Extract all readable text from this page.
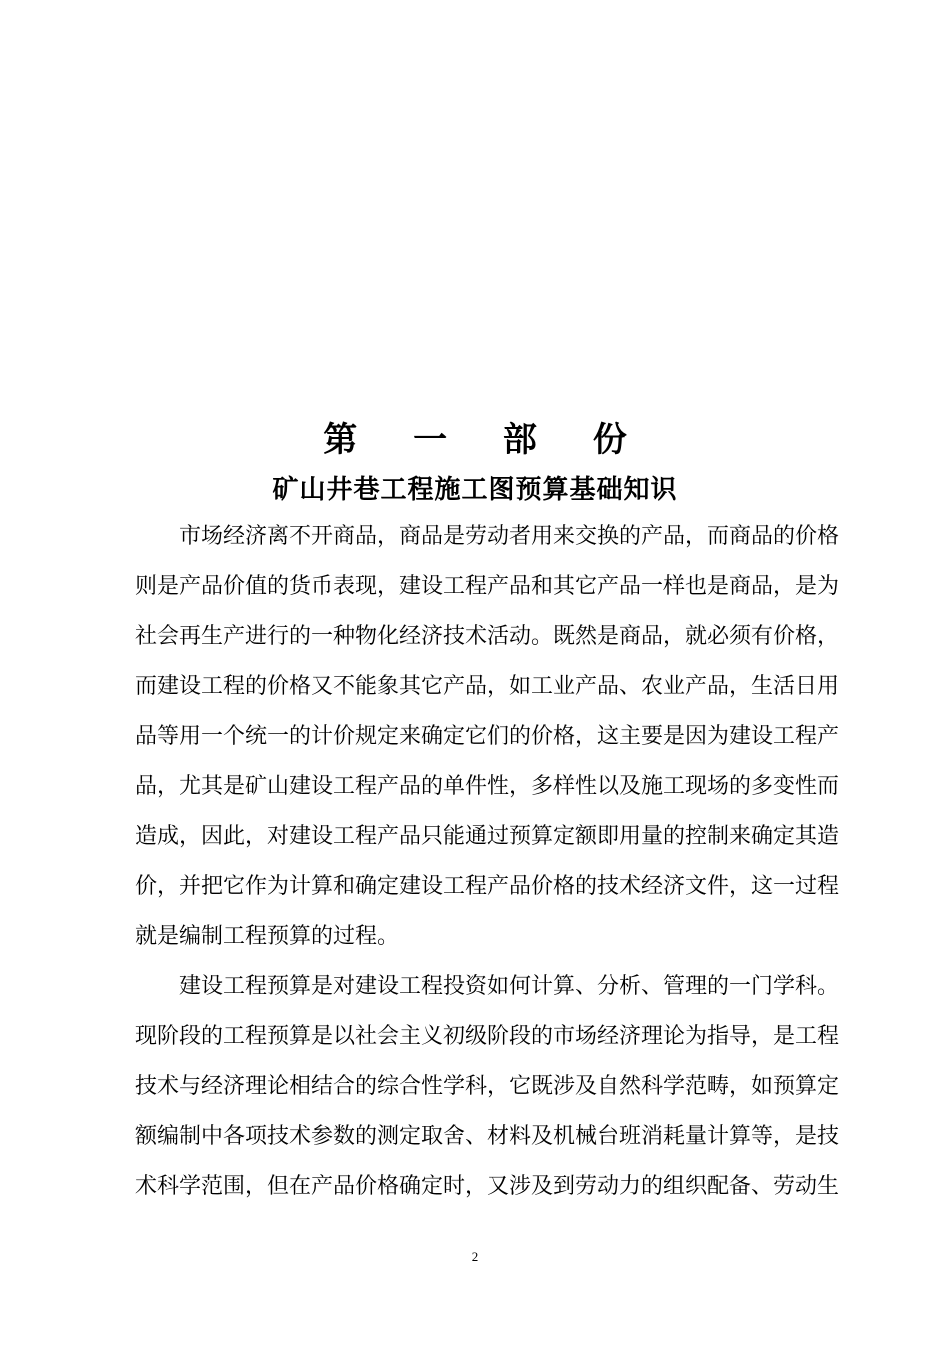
第 一 部 份
矿山井巷工程施工图预算基础知识
市场经济离不开商品，商品是劳动者用来交换的产品，而商品的价格
则是产品价值的货币表现，建设工程产品和其它产品一样也是商品，是为
社会再生产进行的一种物化经济技术活动。既然是商品，就必须有价格，
而建设工程的价格又不能象其它产品，如工业产品、农业产品，生活日用
品等用一个统一的计价规定来确定它们的价格，这主要是因为建设工程产
品，尤其是矿山建设工程产品的单件性，多样性以及施工现场的多变性而
造成，因此，对建设工程产品只能通过预算定额即用量的控制来确定其造
价，并把它作为计算和确定建设工程产品价格的技术经济文件，这一过程
就是编制工程预算的过程。
建设工程预算是对建设工程投资如何计算、分析、管理的一门学科。
现阶段的工程预算是以社会主义初级阶段的市场经济理论为指导，是工程
技术与经济理论相结合的综合性学科，它既涉及自然科学范畴，如预算定
额编制中各项技术参数的测定取舍、材料及机械台班消耗量计算等，是技
术科学范围，但在产品价格确定时，又涉及到劳动力的组织配备、劳动生
2
